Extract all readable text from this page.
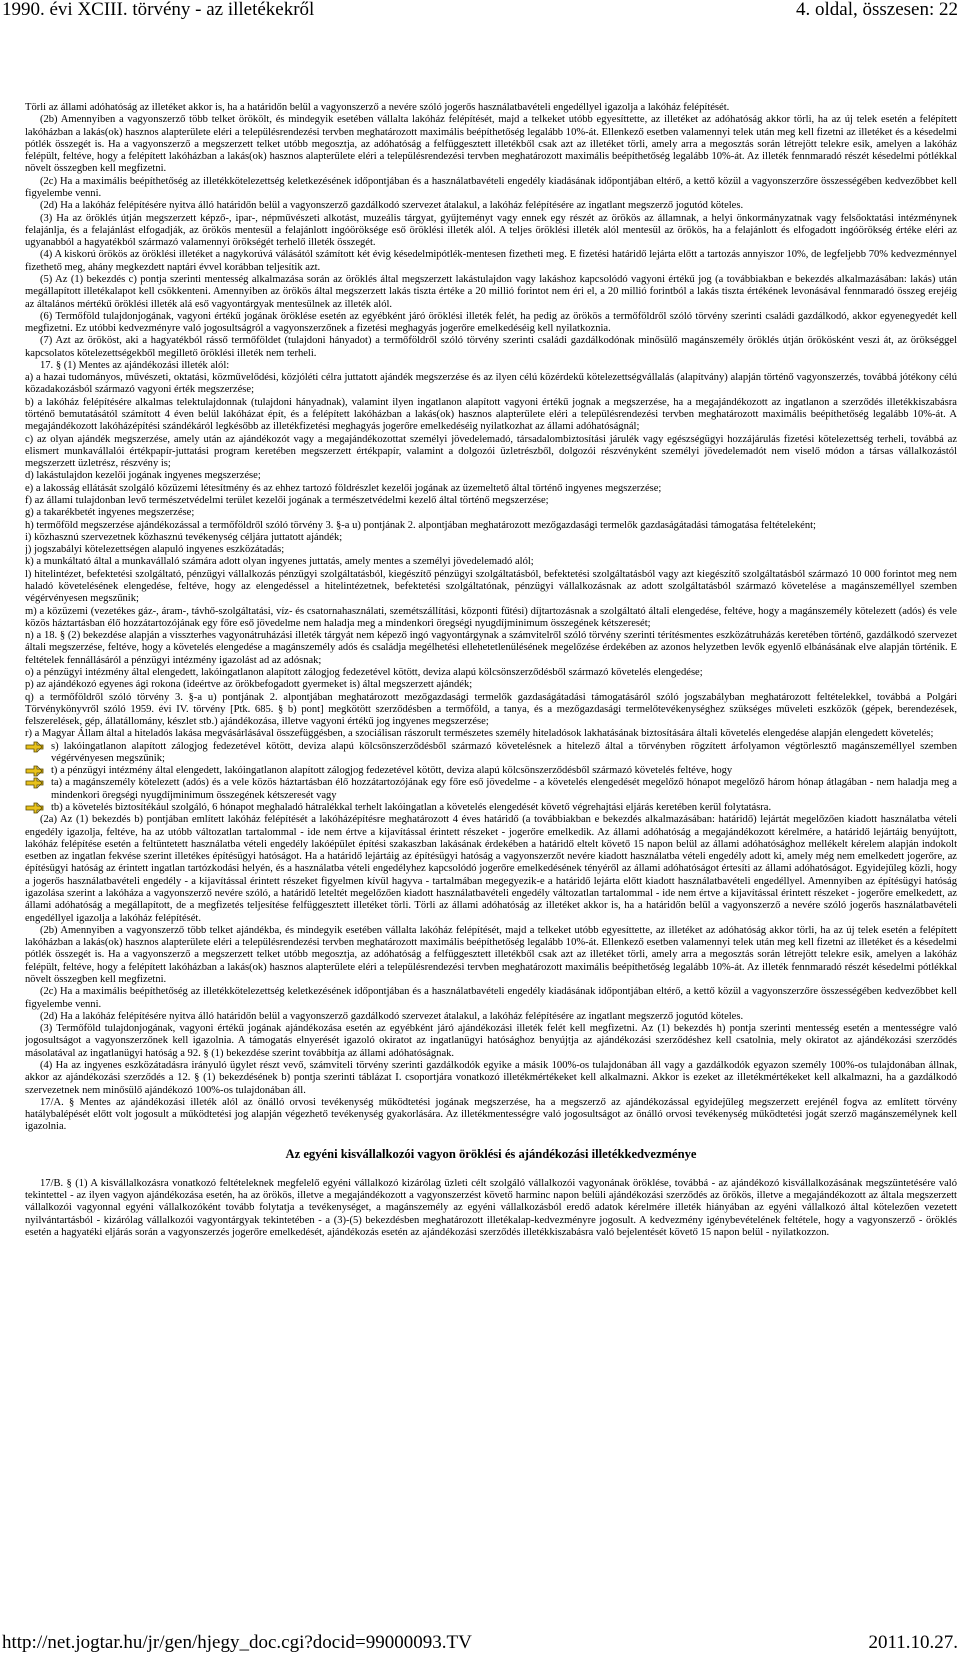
1990. évi XCIII. törvény - az illetékekről	4. oldal, összesen: 22

Törli az állami adóhatóság az illetéket akkor is, ha a határidőn belül a vagyonszerző a nevére szóló jogerős használatbavételi engedéllyel igazolja a lakóház felépítését.

(2b) Amennyiben a vagyonszerző több telket örökölt, és mindegyik esetében vállalta lakóház felépítését, majd a telkeket utóbb egyesíttette, az illetéket az adóhatóság akkor törli, ha az új telek esetén a felépített lakóházban a lakás(ok) hasznos alapterülete eléri a településrendezési tervben meghatározott maximális beépíthetőség legalább 10%-át. Ellenkező esetben valamennyi telek után meg kell fizetni az illetéket és a késedelmi pótlék összegét is. Ha a vagyonszerző a megszerzett telket utóbb megosztja, az adóhatóság a felfüggesztett illetékből csak azt az illetéket törli, amely arra a megosztás során létrejött telekre esik, amelyen a lakóház felépült, feltéve, hogy a felépített lakóházban a lakás(ok) hasznos alapterülete eléri a településrendezési tervben meghatározott maximális beépíthetőség legalább 10%-át. Az illeték fennmaradó részét késedelmi pótlékkal növelt összegben kell megfizetni.

(2c) Ha a maximális beépíthetőség az illetékkötelezettség keletkezésének időpontjában és a használatbavételi engedély kiadásának időpontjában eltérő, a kettő közül a vagyonszerzőre összességében kedvezőbbet kell figyelembe venni.

(2d) Ha a lakóház felépítésére nyitva álló határidőn belül a vagyonszerző gazdálkodó szervezet átalakul, a lakóház felépítésére az ingatlant megszerző jogutód köteles.

(3) Ha az öröklés útján megszerzett képző-, ipar-, népművészeti alkotást, muzeális tárgyat, gyűjteményt vagy ennek egy részét az örökös az államnak, a helyi önkormányzatnak vagy felsőoktatási intézménynek felajánlja, és a felajánlást elfogadják, az örökös mentesül a felajánlott ingóöröksége eső öröklési illeték alól. A teljes öröklési illeték alól mentesül az örökös, ha a felajánlott és elfogadott ingóörökség értéke eléri az ugyanabból a hagyatékból származó valamennyi örökségét terhelő illeték összegét.

(4) A kiskorú örökös az öröklési illetéket a nagykorúvá válásától számított két évig késedelmipótlék-mentesen fizetheti meg. E fizetési határidő lejárta előtt a tartozás annyiszor 10%, de legfeljebb 70% kedvezménnyel fizethető meg, ahány megkezdett naptári évvel korábban teljesítik azt.

(5) Az (1) bekezdés c) pontja szerinti mentesség alkalmazása során az öröklés által megszerzett lakástulajdon vagy lakáshoz kapcsolódó vagyoni értékű jog (a továbbiakban e bekezdés alkalmazásában: lakás) után megállapított illetékalapot kell csökkenteni. Amennyiben az örökös által megszerzett lakás tiszta értéke a 20 millió forintot nem éri el, a 20 millió forintból a lakás tiszta értékének levonásával fennmaradó összeg erejéig az általános mértékű öröklési illeték alá eső vagyontárgyak mentesülnek az illeték alól.

(6) Termőföld tulajdonjogának, vagyoni értékű jogának öröklése esetén az egyébként járó öröklési illeték felét, ha pedig az örökös a termőföldről szóló törvény szerinti családi gazdálkodó, akkor egyenegyedét kell megfizetni. Ez utóbbi kedvezményre való jogosultságról a vagyonszerzőnek a fizetési meghagyás jogerőre emelkedéséig kell nyilatkoznia.

(7) Azt az örököst, aki a hagyatékból rásső termőföldet (tulajdoni hányadot) a termőföldről szóló törvény szerinti családi gazdálkodónak minősülő magánszemély öröklés útján örökösként veszi át, az örökséggel kapcsolatos kötelezettségekből megillető öröklési illeték nem terheli.

17. § (1) Mentes az ajándékozási illeték alól:

a) a hazai tudományos, művészeti, oktatási, közművelődési, közjóléti célra juttatott ajándék megszerzése és az ilyen célú közérdekű kötelezettségvállalás (alapítvány) alapján történő vagyonszerzés, továbbá jótékony célú közadakozásból származó vagyoni érték megszerzése;

b) a lakóház felépítésére alkalmas telektulajdonnak (tulajdoni hányadnak), valamint ilyen ingatlanon alapított vagyoni értékű jognak a megszerzése, ha a megajándékozott az ingatlanon a szerződés illetékkiszabásra történő bemutatásától számított 4 éven belül lakóházat épít, és a felépített lakóházban a lakás(ok) hasznos alapterülete eléri a településrendezési tervben meghatározott maximális beépíthetőség legalább 10%-át. A megajándékozott lakóházépítési szándékáról legkésőbb az illetékfizetési meghagyás jogerőre emelkedéséig nyilatkozhat az állami adóhatóságnál;

c) az olyan ajándék megszerzése, amely után az ajándékozót vagy a megajándékozottat személyi jövedelemadó, társadalombiztosítási járulék vagy egészségügyi hozzájárulás fizetési kötelezettség terheli, továbbá az elismert munkavállalói értékpapír-juttatási program keretében megszerzett értékpapír, valamint a dolgozói üzletrészből, dolgozói részvényként személyi jövedelemadót nem viselő módon a társas vállalkozástól megszerzett üzletrész, részvény is;

d) lakástulajdon kezelői jogának ingyenes megszerzése;

e) a lakosság ellátását szolgáló közüzemi létesítmény és az ehhez tartozó földrészlet kezelői jogának az üzemeltető által történő ingyenes megszerzése;

f) az állami tulajdonban levő természetvédelmi terület kezelői jogának a természetvédelmi kezelő által történő megszerzése;

g) a takarékbetét ingyenes megszerzése;

h) termőföld megszerzése ajándékozással a termőföldről szóló törvény 3. §-a u) pontjának 2. alpontjában meghatározott mezőgazdasági termelők gazdaságátadási támogatása feltételeként;

i) közhasznú szervezetnek közhasznú tevékenység céljára juttatott ajándék;

j) jogszabályi kötelezettségen alapuló ingyenes eszközátadás;

k) a munkáltató által a munkavállaló számára adott olyan ingyenes juttatás, amely mentes a személyi jövedelemadó alól;

l) hitelintézet, befektetési szolgáltató, pénzügyi vállalkozás pénzügyi szolgáltatásból, kiegészítő pénzügyi szolgáltatásból, befektetési szolgáltatásból vagy azt kiegészítő szolgáltatásból származó 10 000 forintot meg nem haladó követelésének elengedése, feltéve, hogy az elengedéssel a hitelintézetnek, befektetési szolgáltatónak, pénzügyi vállalkozásnak az adott szolgáltatásból származó követelése a magánszeméllyel szemben végérvényesen megszűnik;

m) a közüzemi (vezetékes gáz-, áram-, távhő-szolgáltatási, víz- és csatornahasználati, szemétszállítási, központi fűtési) díjtartozásnak a szolgáltató általi elengedése, feltéve, hogy a magánszemély kötelezett (adós) és vele közös háztartásban élő hozzátartozójának egy főre eső jövedelme nem haladja meg a mindenkori öregségi nyugdíjminimum összegének kétszeresét;

n) a 18. § (2) bekezdése alapján a visszterhes vagyonátruházási illeték tárgyát nem képező ingó vagyontárgynak a számvitelről szóló törvény szerinti térítésmentes eszközátruházás keretében történő, gazdálkodó szervezet általi megszerzése, feltéve, hogy a követelés elengedése a magánszemély adós és családja megélhetési ellehetetlenülésének megelőzése érdekében az azonos helyzetben levők egyenlő elbánásának elve alapján történik. E feltételek fennállásáról a pénzügyi intézmény igazolást ad az adósnak;

o) a pénzügyi intézmény által elengedett, lakóingatlanon alapított zálogjog fedezetével kötött, deviza alapú kölcsönszerződésből származó követelés elengedése;

p) az ajándékozó egyenes ági rokona (ideértve az örökbefogadott gyermeket is) által megszerzett ajándék;

q) a termőföldről szóló törvény 3. §-a u) pontjának 2. alpontjában meghatározott mezőgazdasági termelők gazdaságátadási támogatásáról szóló jogszabályban meghatározott feltételekkel, továbbá a Polgári Törvénykönyvről szóló 1959. évi IV. törvény [Ptk. 685. § b) pont] megkötött szerződésben a termőföld, a tanya, és a mezőgazdasági termelőtevékenységhez szükséges műveleti eszközök (gépek, berendezések, felszerelések, gép, állatállomány, készlet stb.) ajándékozása, illetve vagyoni értékű jog ingyenes megszerzése;

r) a Magyar Állam által a hiteladós lakása megvásárlásával összefüggésben, a szociálisan rászorult természetes személy hiteladósok lakhatásának biztosítására általi követelés elengedése alapján elengedett követelés;

s) lakóingatlanon alapított zálogjog fedezetével kötött, deviza alapú kölcsönszerződésből származó követelésnek a hitelező által a törvényben rögzített árfolyamon végtörlesztő magánszeméllyel szemben végérvényesen megszűnik;

t) a pénzügyi intézmény által elengedett, lakóingatlanon alapított zálogjog fedezetével kötött, deviza alapú kölcsönszerződésből származó követelés feltéve, hogy

ta) a magánszemély kötelezett (adós) és a vele közös háztartásban élő hozzátartozójának egy főre eső jövedelme - a követelés elengedését megelőző hónapot megelőző három hónap átlagában - nem haladja meg a mindenkori öregségi nyugdíjminimum összegének kétszeresét vagy

tb) a követelés biztosítékául szolgáló, 6 hónapot meghaladó hátralékkal terhelt lakóingatlan a követelés elengedését követő végrehajtási eljárás keretében kerül folytatásra.

(2a) Az (1) bekezdés b) pontjában említett lakóház felépítését a lakóházépítésre meghatározott 4 éves határidő (a továbbiakban e bekezdés alkalmazásában: határidő) lejártát megelőzően kiadott használatba vételi engedély igazolja, feltéve, ha az utóbb változatlan tartalommal - ide nem értve a kijavítással érintett részeket - jogerőre emelkedik. Az állami adóhatóság a megajándékozott kérelmére, a határidő lejártáig benyújtott, lakóház felépítése esetén a feltüntetett használatba vételi engedély lakóépület építési szakaszban lakásának érdekében a határidő eltelt követő 15 napon belül az állami adóhatósághoz mellékelt kérelem alapján indokolt esetben az ingatlan fekvése szerint illetékes építésügyi hatóságot. Ha a határidő lejártáig az építésügyi hatóság a vagyonszerzőt nevére kiadott használatba vételi engedély adott ki, amely még nem emelkedett jogerőre, az építésügyi hatóság az érintett ingatlan tartózkodási helyén, és a használatba vételi engedélyhez kapcsolódó jogerőre emelkedésének tényéről az állami adóhatóságot értesíti az állami adóhatóságot. Egyidejűleg közli, hogy a jogerős használatbavételi engedély - a kijavítással érintett részeket figyelmen kívül hagyva - tartalmában megegyezik-e a határidő lejárta előtt kiadott használatbavételi engedéllyel. Amennyiben az építésügyi hatóság igazolása szerint a lakóháza a vagyonszerző nevére szóló, a határidő leteltét megelőzően kiadott használatbavételi engedély változatlan tartalommal - ide nem értve a kijavítással érintett részeket - jogerőre emelkedett, az állami adóhatóság a megállapított, de a megfizetés teljesítése felfüggesztett illetéket törli. Törli az állami adóhatóság az illetéket akkor is, ha a határidőn belül a vagyonszerző a nevére szóló jogerős használatbavételi engedéllyel igazolja a lakóház felépítését.

(2b) Amennyiben a vagyonszerző több telket ajándékba, és mindegyik esetében vállalta lakóház felépítését, majd a telkeket utóbb egyesíttette, az illetéket az adóhatóság akkor törli, ha az új telek esetén a felépített lakóházban a lakás(ok) hasznos alapterülete eléri a településrendezési tervben meghatározott maximális beépíthetőség legalább 10%-át. Ellenkező esetben valamennyi telek után meg kell fizetni az illetéket és a késedelmi pótlék összegét is. Ha a vagyonszerző a megszerzett telket utóbb megosztja, az adóhatóság a felfüggesztett illetékből csak azt az illetéket törli, amely arra a megosztás során létrejött telekre esik, amelyen a lakóház felépült, feltéve, hogy a felépített lakóházban a lakás(ok) hasznos alapterülete eléri a településrendezési tervben meghatározott maximális beépíthetőség legalább 10%-át. Az illeték fennmaradó részét késedelmi pótlékkal növelt összegben kell megfizetni.

(2c) Ha a maximális beépíthetőség az illetékkötelezettség keletkezésének időpontjában és a használatbavételi engedély kiadásának időpontjában eltérő, a kettő közül a vagyonszerzőre összességében kedvezőbbet kell figyelembe venni.

(2d) Ha a lakóház felépítésére nyitva álló határidőn belül a vagyonszerző gazdálkodó szervezet átalakul, a lakóház felépítésére az ingatlant megszerző jogutód köteles.

(3) Termőföld tulajdonjogának, vagyoni értékű jogának ajándékozása esetén az egyébként járó ajándékozási illeték felét kell megfizetni. Az (1) bekezdés h) pontja szerinti mentesség esetén a mentességre való jogosultságot a vagyonszerzőnek kell igazolnia. A támogatás elnyerését igazoló okiratot az ingatlanügyi hatósághoz benyújtja az ajándékozási szerződéshez kell csatolnia, mely okiratot az ajándékozási szerződés másolatával az ingatlanügyi hatóság a 92. § (1) bekezdése szerint továbbítja az állami adóhatóságnak.

(4) Ha az ingyenes eszközátadásra irányuló ügylet részt vevő, számviteli törvény szerinti gazdálkodók egyike a másik 100%-os tulajdonában áll vagy a gazdálkodók egyazon személy 100%-os tulajdonában állnak, akkor az ajándékozási szerződés a 12. § (1) bekezdésének b) pontja szerinti táblázat I. csoportjára vonatkozó illetékmértékeket kell alkalmazni. Akkor is ezeket az illetékmértékeket kell alkalmazni, ha a gazdálkodó szervezetnek nem minősülő ajándékozó 100%-os tulajdonában áll.

17/A. § Mentes az ajándékozási illeték alól az önálló orvosi tevékenység működtetési jogának megszerzése, ha a megszerző az ajándékozással egyidejűleg megszerzett erejénél fogva az említett törvény hatálybalépését előtt volt jogosult a működtetési jog alapján végezhető tevékenység gyakorlására. Az illetékmentességre való jogosultságot az önálló orvosi tevékenység működtetési jogát szerző magánszemélynek kell igazolnia.

Az egyéni kisvállalkozói vagyon öröklési és ajándékozási illetékkedvezménye

17/B. § (1) A kisvállalkozásra vonatkozó feltételeknek megfelelő egyéni vállalkozó kizárólag üzleti célt szolgáló vállalkozói vagyonának öröklése, továbbá - az ajándékozó kisvállalkozásának megszüntetésére való tekintettel - az ilyen vagyon ajándékozása esetén, ha az örökös, illetve a megajándékozott a vagyonszerzést követő harminc napon belüli ajándékozási szerződés az örökös, illetve a megajándékozott az általa megszerzett vállalkozói vagyonnal egyéni vállalkozóként tovább folytatja a tevékenységet, a magánszemély az egyéni vállalkozásból eredő adatok kérelmére illeték hiányában az egyéni vállalkozó által kötelezően vezetett nyilvántartásból - kizárólag vállalkozói vagyontárgyak tekintetében - a (3)-(5) bekezdésben meghatározott illetékalap-kedvezményre jogosult. A kedvezmény igénybevételének feltétele, hogy a vagyonszerző - öröklés esetén a hagyatéki eljárás során a vagyonszerzés jogerőre emelkedését, ajándékozás esetén az ajándékozási szerződés illetékkiszabásra való bejelentését követő 15 napon belül - nyilatkozzon.

http://net.jogtar.hu/jr/gen/hjegy_doc.cgi?docid=99000093.TV	2011.10.27.
